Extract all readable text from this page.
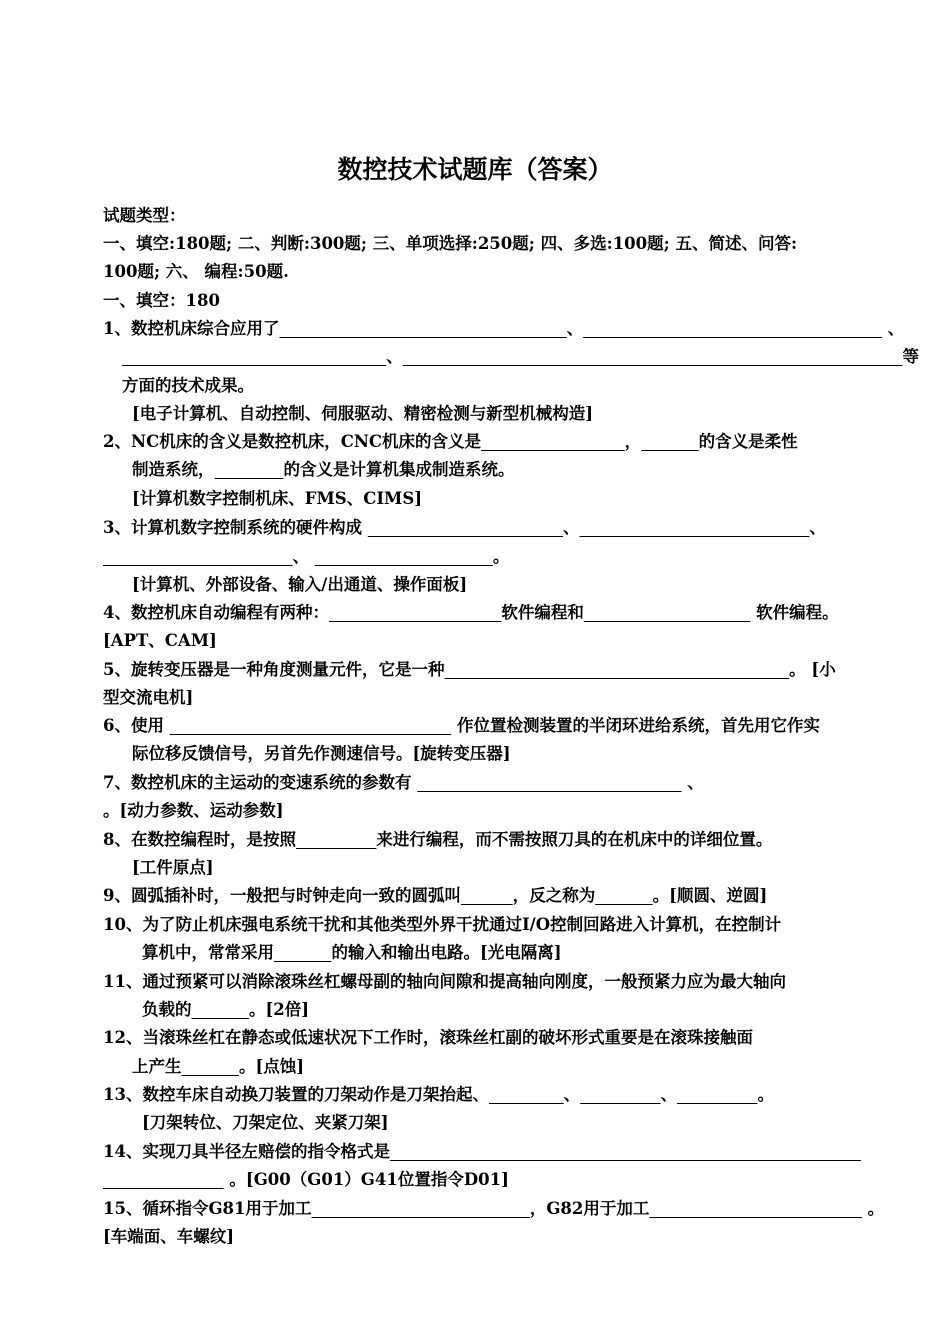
数控技术试题库（答案）
试题类型：
一、填空:180题; 二、判断:300题; 三、单项选择:250题; 四、多选:100题; 五、简述、问答:
100题; 六、 编程:50题.
一、填空：180
1、数控机床综合应用了	、	、
、	等
方面的技术成果。
[电子计算机、自动控制、伺服驱动、精密检测与新型机械构造]
2、NC机床的含义是数控机床，CNC机床的含义是	，	的含义是柔性
制造系统，	的含义是计算机集成制造系统。
[计算机数字控制机床、FMS、CIMS]
3、计算机数字控制系统的硬件构成	、	、
、	。
[计算机、外部设备、输入/出通道、操作面板]
4、数控机床自动编程有两种：	软件编程和	软件编程。
[APT、CAM]
5、旋转变压器是一种角度测量元件，它是一种	。 [小
型交流电机]
6、使用	作位置检测装置的半闭环进给系统，首先用它作实
际位移反馈信号，另首先作测速信号。[旋转变压器]
7、数控机床的主运动的变速系统的参数有	、
。[动力参数、运动参数]
8、在数控编程时，是按照	来进行编程，而不需按照刀具的在机床中的详细位置。
[工件原点]
9、圆弧插补时，一般把与时钟走向一致的圆弧叫	，反之称为	。[顺圆、逆圆]
10、为了防止机床强电系统干扰和其他类型外界干扰通过I/O控制回路进入计算机，在控制计
算机中，常常采用	的输入和输出电路。[光电隔离]
11、通过预紧可以消除滚珠丝杠螺母副的轴向间隙和提高轴向刚度，一般预紧力应为最大轴向
负载的	。[2倍]
12、当滚珠丝杠在静态或低速状况下工作时，滚珠丝杠副的破坏形式重要是在滚珠接触面
上产生	。[点蚀]
13、数控车床自动换刀装置的刀架动作是刀架抬起、	、	、	。
[刀架转位、刀架定位、夹紧刀架]
14、实现刀具半径左赔偿的指令格式是
。[G00（G01）G41位置指令D01]
15、循环指令G81用于加工	，G82用于加工	。
[车端面、车螺纹]
